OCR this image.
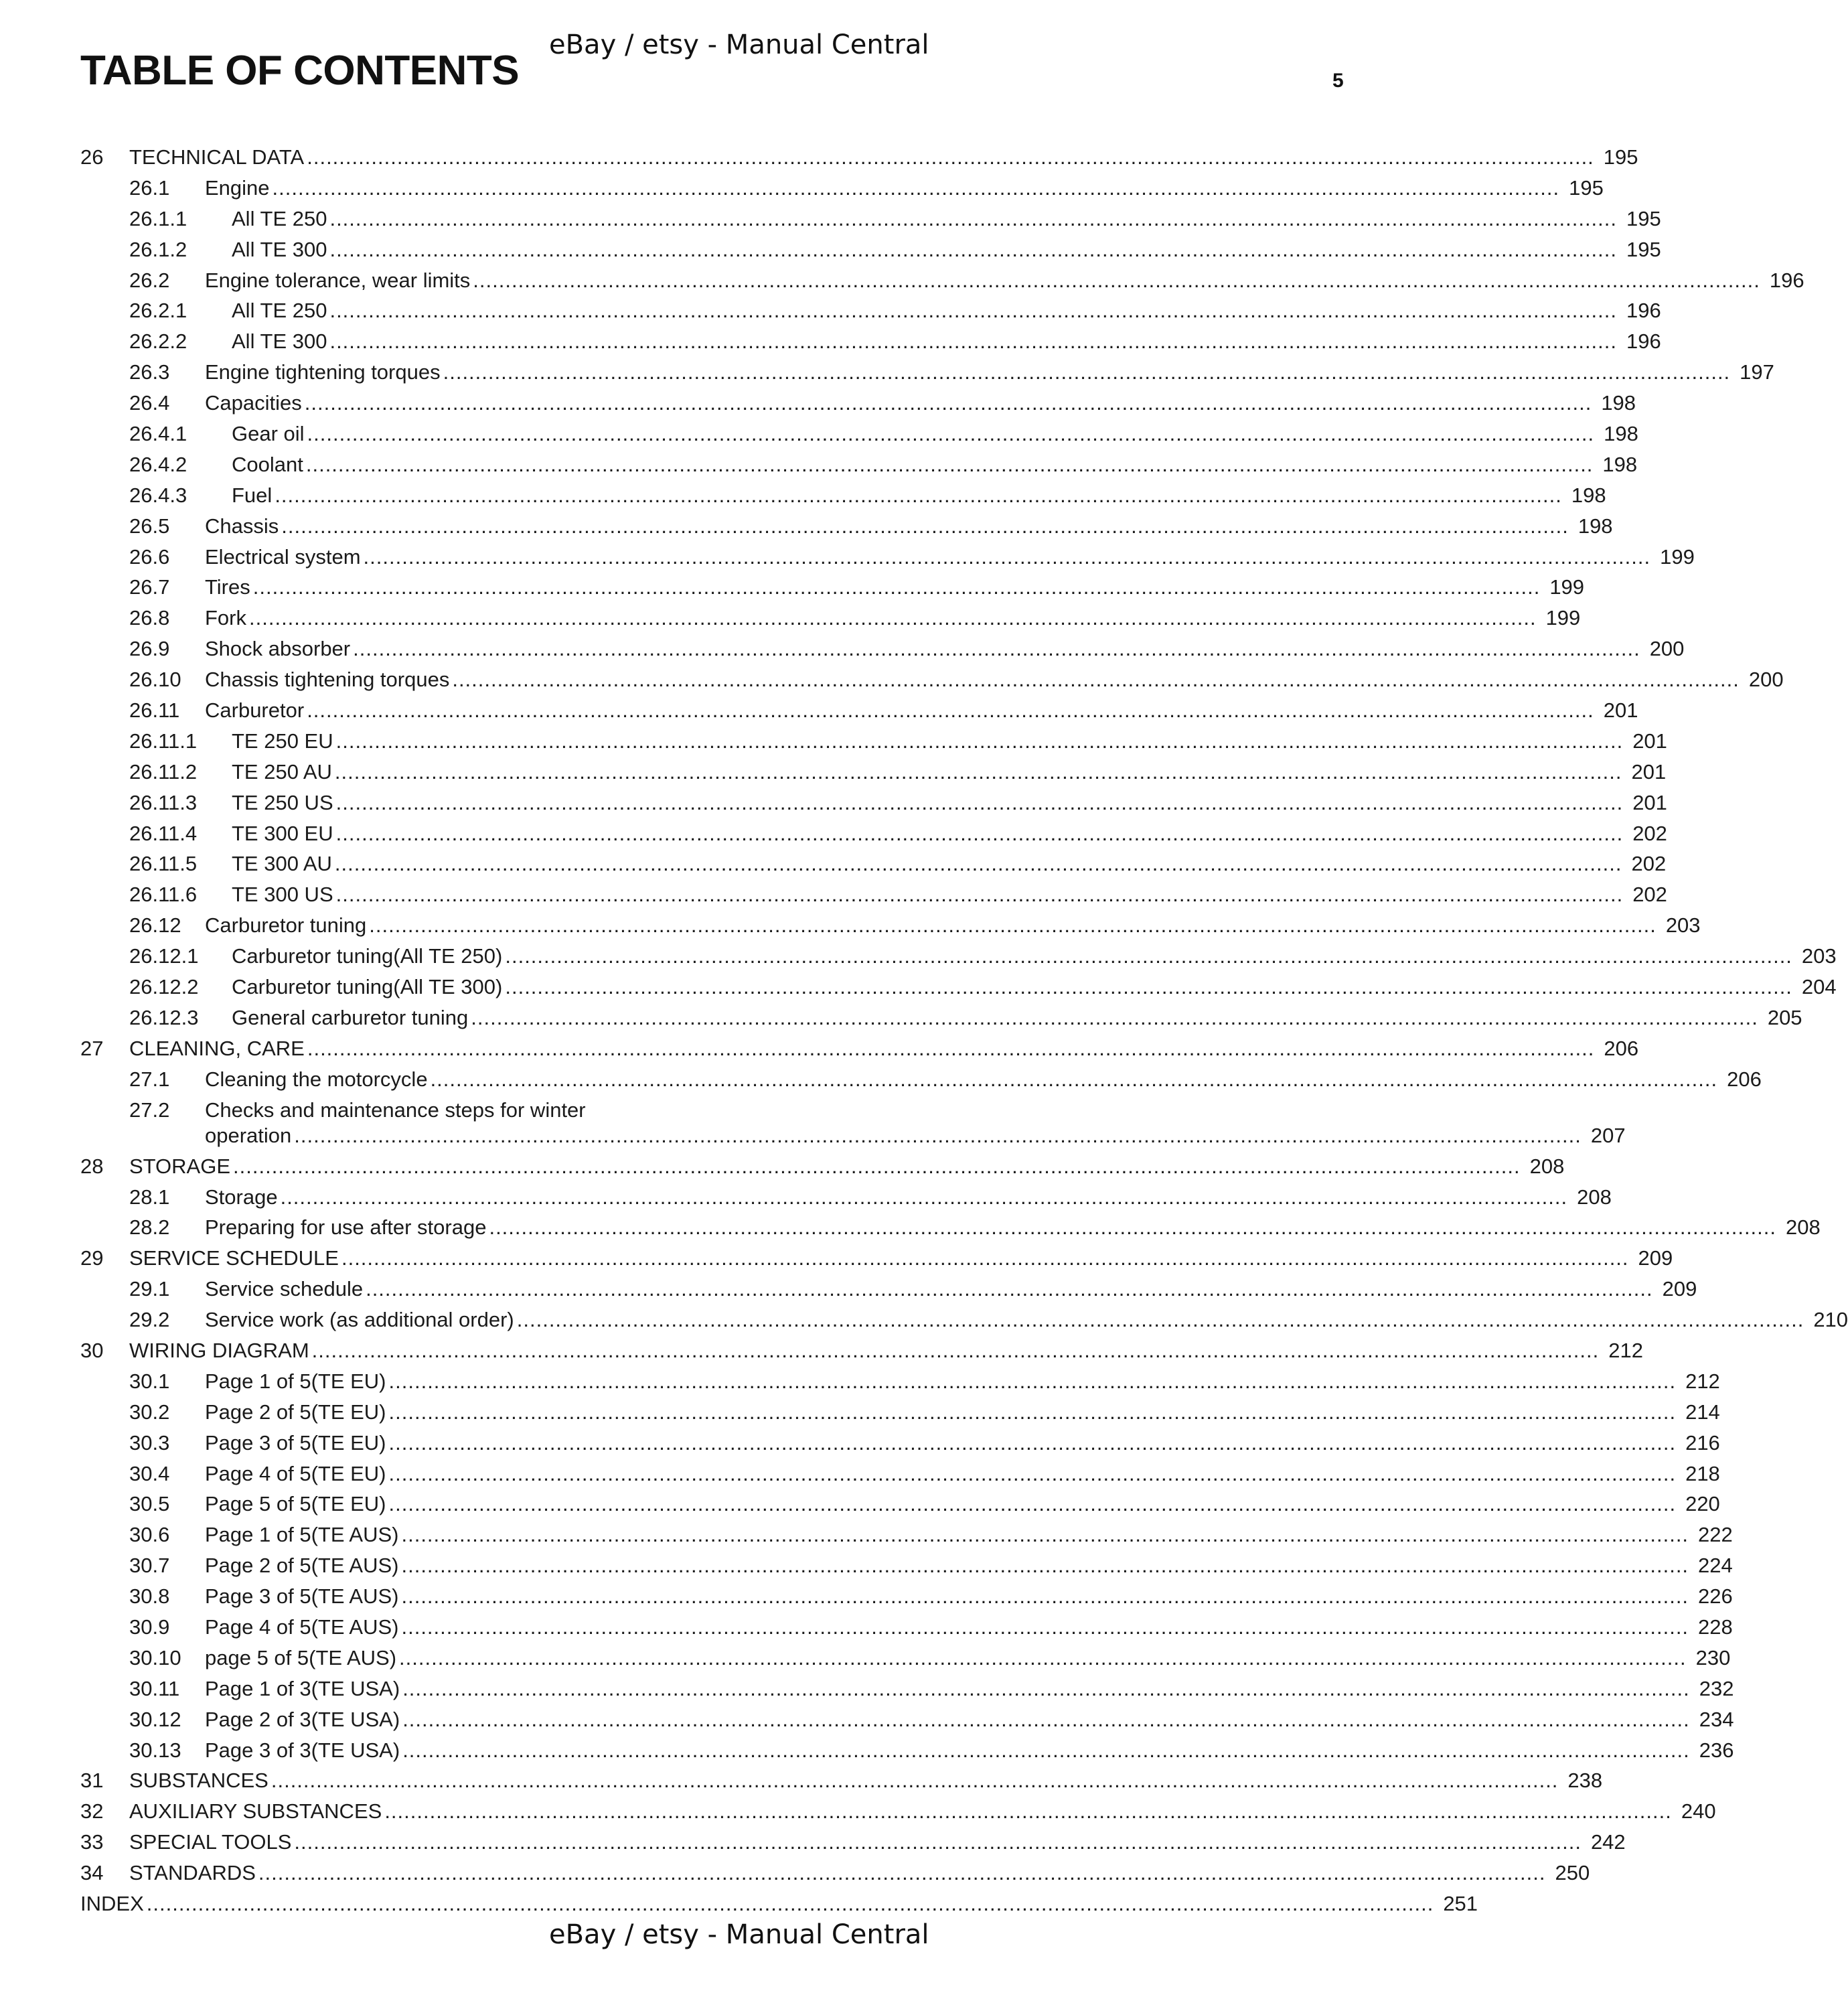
eBay / etsy - Manual Central
TABLE OF CONTENTS	5
26 TECHNICAL DATA ........................................................................................................................................................................................................ 195
26.1 Engine ........................................................................................................................................................................................................ 195
26.1.1 All TE 250 ........................................................................................................................................................................................................ 195
26.1.2 All TE 300 ........................................................................................................................................................................................................ 195
26.2 Engine tolerance, wear limits ........................................................................................................................................................................................................ 196
26.2.1 All TE 250 ........................................................................................................................................................................................................ 196
26.2.2 All TE 300 ........................................................................................................................................................................................................ 196
26.3 Engine tightening torques ........................................................................................................................................................................................................ 197
26.4 Capacities ........................................................................................................................................................................................................ 198
26.4.1 Gear oil ........................................................................................................................................................................................................ 198
26.4.2 Coolant ........................................................................................................................................................................................................ 198
26.4.3 Fuel ........................................................................................................................................................................................................ 198
26.5 Chassis ........................................................................................................................................................................................................ 198
26.6 Electrical system ........................................................................................................................................................................................................ 199
26.7 Tires ........................................................................................................................................................................................................ 199
26.8 Fork ........................................................................................................................................................................................................ 199
26.9 Shock absorber ........................................................................................................................................................................................................ 200
26.10 Chassis tightening torques ........................................................................................................................................................................................................ 200
26.11 Carburetor ........................................................................................................................................................................................................ 201
26.11.1 TE 250 EU ........................................................................................................................................................................................................ 201
26.11.2 TE 250 AU ........................................................................................................................................................................................................ 201
26.11.3 TE 250 US ........................................................................................................................................................................................................ 201
26.11.4 TE 300 EU ........................................................................................................................................................................................................ 202
26.11.5 TE 300 AU ........................................................................................................................................................................................................ 202
26.11.6 TE 300 US ........................................................................................................................................................................................................ 202
26.12 Carburetor tuning ........................................................................................................................................................................................................ 203
26.12.1 Carburetor tuning(All TE 250) ........................................................................................................................................................................................................ 203
26.12.2 Carburetor tuning(All TE 300) ........................................................................................................................................................................................................ 204
26.12.3 General carburetor tuning ........................................................................................................................................................................................................ 205
27 CLEANING, CARE ........................................................................................................................................................................................................ 206
27.1 Cleaning the motorcycle ........................................................................................................................................................................................................ 206
27.2 Checks and maintenance steps for winter
operation ........................................................................................................................................................................................................ 207
28 STORAGE ........................................................................................................................................................................................................ 208
28.1 Storage ........................................................................................................................................................................................................ 208
28.2 Preparing for use after storage ........................................................................................................................................................................................................ 208
29 SERVICE SCHEDULE ........................................................................................................................................................................................................ 209
29.1 Service schedule ........................................................................................................................................................................................................ 209
29.2 Service work (as additional order) ........................................................................................................................................................................................................ 210
30 WIRING DIAGRAM ........................................................................................................................................................................................................ 212
30.1 Page 1 of 5(TE EU) ........................................................................................................................................................................................................ 212
30.2 Page 2 of 5(TE EU) ........................................................................................................................................................................................................ 214
30.3 Page 3 of 5(TE EU) ........................................................................................................................................................................................................ 216
30.4 Page 4 of 5(TE EU) ........................................................................................................................................................................................................ 218
30.5 Page 5 of 5(TE EU) ........................................................................................................................................................................................................ 220
30.6 Page 1 of 5(TE AUS) ........................................................................................................................................................................................................ 222
30.7 Page 2 of 5(TE AUS) ........................................................................................................................................................................................................ 224
30.8 Page 3 of 5(TE AUS) ........................................................................................................................................................................................................ 226
30.9 Page 4 of 5(TE AUS) ........................................................................................................................................................................................................ 228
30.10 page 5 of 5(TE AUS) ........................................................................................................................................................................................................ 230
30.11 Page 1 of 3(TE USA) ........................................................................................................................................................................................................ 232
30.12 Page 2 of 3(TE USA) ........................................................................................................................................................................................................ 234
30.13 Page 3 of 3(TE USA) ........................................................................................................................................................................................................ 236
31 SUBSTANCES ........................................................................................................................................................................................................ 238
32 AUXILIARY SUBSTANCES ........................................................................................................................................................................................................ 240
33 SPECIAL TOOLS ........................................................................................................................................................................................................ 242
34 STANDARDS ........................................................................................................................................................................................................ 250
INDEX ........................................................................................................................................................................................................ 251
eBay / etsy - Manual Central
